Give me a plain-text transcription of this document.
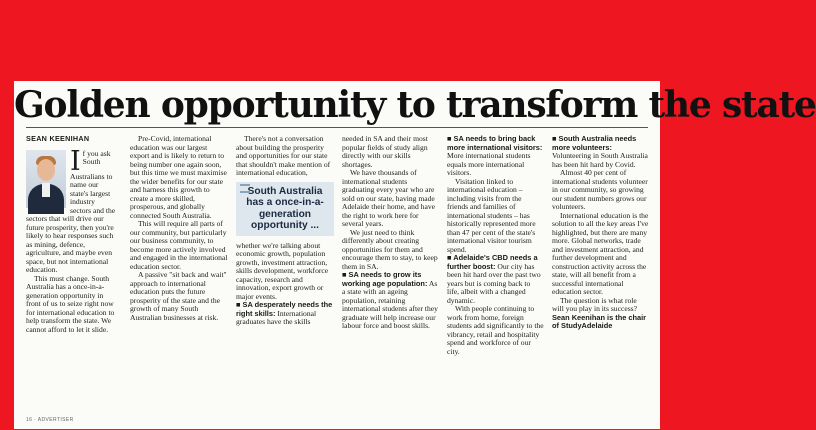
Golden opportunity to transform the state
SEAN KEENIHAN
I f you ask South Australians to name our state's largest industry sectors and the sectors that will drive our future prosperity, then you're likely to hear responses such as mining, defence, agriculture, and maybe even space, but not international education.

This must change. South Australia has a once-in-a-generation opportunity in front of us to seize right now for international education to help transform the state. We cannot afford to let it slide.

Pre-Covid, international education was our largest export and is likely to return to being number one again soon, but this time we must maximise the wider benefits for our state and harness this growth to create a more skilled, prosperous, and globally connected South Australia.

This will require all parts of our community, but particularly our business community, to become more actively involved and engaged in the international education sector.

A passive "sit back and wait" approach to international education puts the future prosperity of the state and the growth of many South Australian businesses at risk.

There's not a conversation about building the prosperity and opportunities for our state that shouldn't make mention of international education,

South Australia has a once-in-a-generation opportunity ...

whether we're talking about economic growth, population growth, investment attraction, skills development, workforce capacity, research and innovation, export growth or major events.

■ SA desperately needs the right skills: International graduates have the skills

needed in SA and their most popular fields of study align directly with our skills shortages.

We have thousands of international students graduating every year who are sold on our state, having made Adelaide their home, and have the right to work here for several years.

We just need to think differently about creating opportunities for them and encourage them to stay, to keep them in SA.

■ SA needs to grow its working age population: As a state with an ageing population, retaining international students after they graduate will help increase our labour force and boost skills.

■ SA needs to bring back more international visitors: More international students equals more international visitors.

Visitation linked to international education – including visits from the friends and families of international students – has historically represented more than 47 per cent of the state's international visitor tourism spend.

■ Adelaide's CBD needs a further boost: Our city has been hit hard over the past two years but is coming back to life, albeit with a changed dynamic.

With people continuing to work from home, foreign students add significantly to the vibrancy, retail and hospitality spend and workforce of our city.

■ South Australia needs more volunteers: Volunteering in South Australia has been hit hard by Covid.

Almost 40 per cent of international students volunteer in our community, so growing our student numbers grows our volunteers.

International education is the solution to all the key areas I've highlighted, but there are many more. Global networks, trade and investment attraction, and further development and construction activity across the state, will all benefit from a successful international education sector.

The question is what role will you play in its success?

Sean Keenihan is the chair of StudyAdelaide

16 · ADVERTISER
